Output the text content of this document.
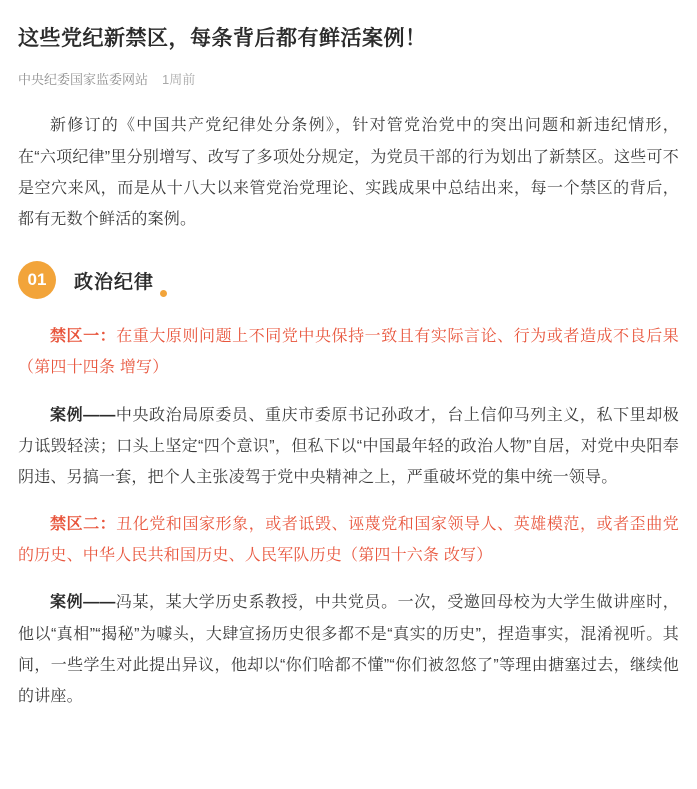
这些党纪新禁区，每条背后都有鲜活案例！
中央纪委国家监委网站 1周前

新修订的《中国共产党纪律处分条例》，针对管党治党中的突出问题和新违纪情形，在“六项纪律”里分别增写、改写了多项处分规定，为党员干部的行为划出了新禁区。这些可不是空穴来风，而是从十八大以来管党治党理论、实践成果中总结出来，每一个禁区的背后，都有无数个鲜活的案例。

01	政治纪律

禁区一：在重大原则问题上不同党中央保持一致且有实际言论、行为或者造成不良后果（第四十四条 增写）

案例——中央政治局原委员、重庆市委原书记孙政才，台上信仰马列主义，私下里却极力诋毁轻渎；口头上坚定“四个意识”，但私下以“中国最年轻的政治人物”自居，对党中央阳奉阴违、另搞一套，把个人主张凌驾于党中央精神之上，严重破坏党的集中统一领导。

禁区二：丑化党和国家形象，或者诋毁、诬蔑党和国家领导人、英雄模范，或者歪曲党的历史、中华人民共和国历史、人民军队历史（第四十六条 改写）

案例——冯某，某大学历史系教授，中共党员。一次，受邀回母校为大学生做讲座时，他以“真相”“揭秘”为噱头，大肆宣扬历史很多都不是“真实的历史”，捏造事实，混淆视听。其间，一些学生对此提出异议，他却以“你们啥都不懂”“你们被忽悠了”等理由搪塞过去，继续他的讲座。
